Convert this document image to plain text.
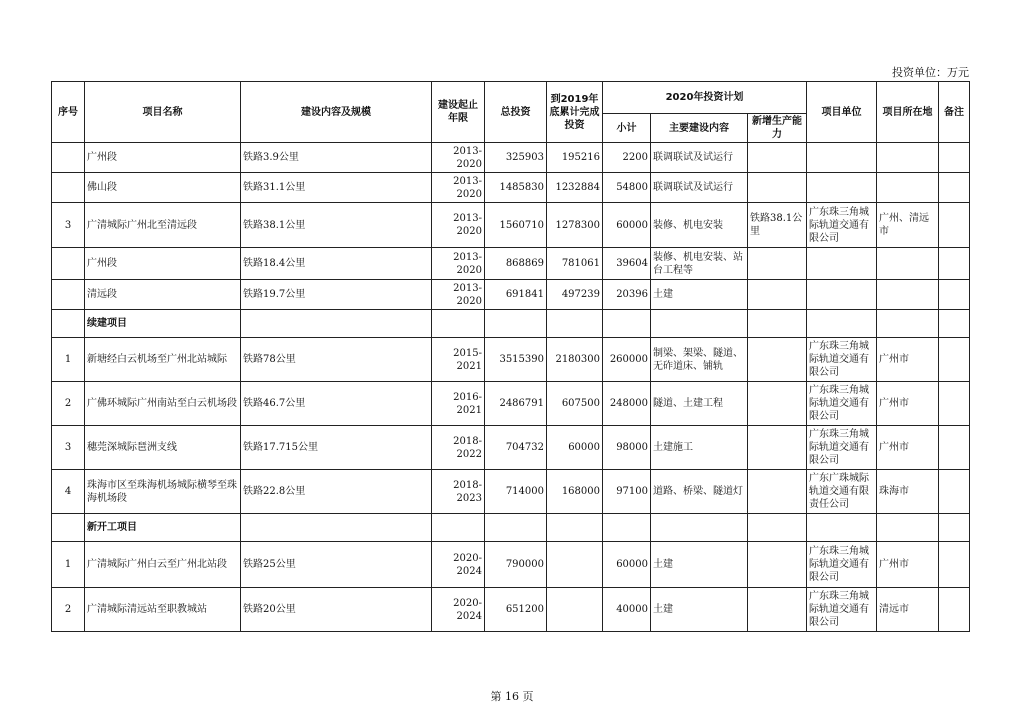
投资单位：万元
序号	项目名称	建设内容及规模	建设起止年限	总投资	到2019年底累计完成投资	2020年投资计划			项目单位	项目所在地	备注
						小计	主要建设内容	新增生产能力			
	广州段	铁路3.9公里	2013-2020	325903	195216	2200	联调联试及试运行				
	佛山段	铁路31.1公里	2013-2020	1485830	1232884	54800	联调联试及试运行				
3	广清城际广州北至清远段	铁路38.1公里	2013-2020	1560710	1278300	60000	装修、机电安装	铁路38.1公里	广东珠三角城际轨道交通有限公司	广州、清远市	
	广州段	铁路18.4公里	2013-2020	868869	781061	39604	装修、机电安装、站台工程等				
	清远段	铁路19.7公里	2013-2020	691841	497239	20396	土建				
	续建项目										
1	新塘经白云机场至广州北站城际	铁路78公里	2015-2021	3515390	2180300	260000	制梁、架梁、隧道、无砟道床、铺轨		广东珠三角城际轨道交通有限公司	广州市	
2	广佛环城际广州南站至白云机场段	铁路46.7公里	2016-2021	2486791	607500	248000	隧道、土建工程		广东珠三角城际轨道交通有限公司	广州市	
3	穗莞深城际琶洲支线	铁路17.715公里	2018-2022	704732	60000	98000	土建施工		广东珠三角城际轨道交通有限公司	广州市	
4	珠海市区至珠海机场城际横琴至珠海机场段	铁路22.8公里	2018-2023	714000	168000	97100	道路、桥梁、隧道灯		广东广珠城际轨道交通有限责任公司	珠海市	
	新开工项目										
1	广清城际广州白云至广州北站段	铁路25公里	2020-2024	790000		60000	土建		广东珠三角城际轨道交通有限公司	广州市	
2	广清城际清远站至职教城站	铁路20公里	2020-2024	651200		40000	土建		广东珠三角城际轨道交通有限公司	清远市	
第 16 页
